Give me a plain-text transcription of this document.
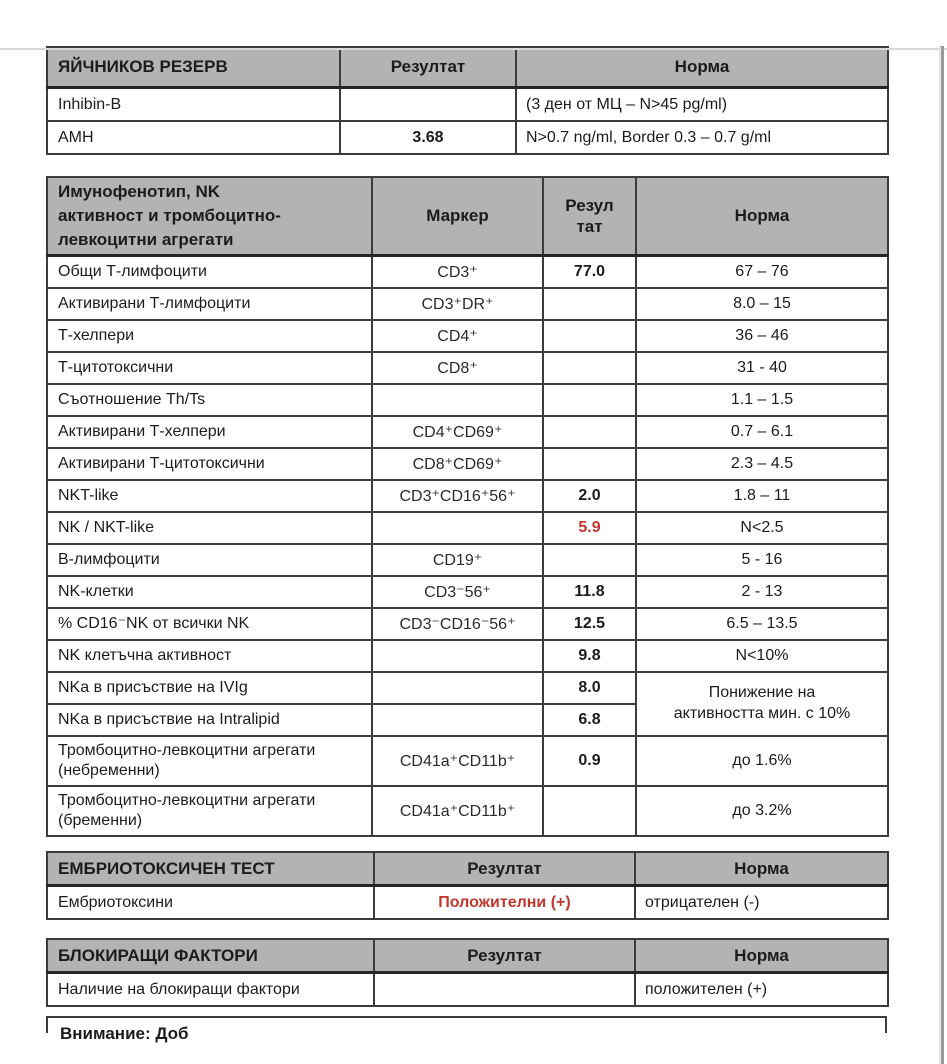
ЯЙЧНИКОВ РЕЗЕРВ	Резултат	Норма
Inhibin-B		(3 ден от МЦ – N>45 pg/ml)
AMH	3.68	N>0.7 ng/ml, Border 0.3 – 0.7 g/ml
Имунофенотип, NK
активност и тромбоцитно-
левкоцитни агрегати	Маркер	Резул​тат	Норма
Общи Т-лимфоцити	CD3⁺	77.0	67 – 76
Активирани Т-лимфоцити	CD3⁺DR⁺		8.0 – 15
Т-хелпери	CD4⁺		36 – 46
Т-цитотоксични	CD8⁺		31 - 40
Съотношение Th/Ts			1.1 – 1.5
Активирани Т-хелпери	CD4⁺CD69⁺		0.7 – 6.1
Активирани Т-цитотоксични	CD8⁺CD69⁺		2.3 – 4.5
NKT-like	CD3⁺CD16⁺56⁺	2.0	1.8 – 11
NK / NKT-like		5.9	N<2.5
В-лимфоцити	CD19⁺		5 - 16
NK-клетки	CD3⁻56⁺	11.8	2 - 13
% CD16⁻NK от всички NK	CD3⁻CD16⁻56⁺	12.5	6.5 – 13.5
NK клетъчна активност		9.8	N<10%
NKa в присъствие на IVIg		8.0	Понижение на
активността мин. с 10%

NKa в присъствие на Intralipid		6.8	
Тромбоцитно-левкоцитни агрегати (небременни)	CD41a⁺CD11b⁺	0.9	до 1.6%
Тромбоцитно-левкоцитни агрегати (бременни)	CD41a⁺CD11b⁺		до 3.2%
ЕМБРИОТОКСИЧЕН ТЕСТ	Резултат	Норма
Ембриотоксини	Положителни (+)	отрицателен (-)
БЛОКИРАЩИ ФАКТОРИ	Резултат	Норма
Наличие на блокиращи фактори		положителен (+)
Внимание: Доб
